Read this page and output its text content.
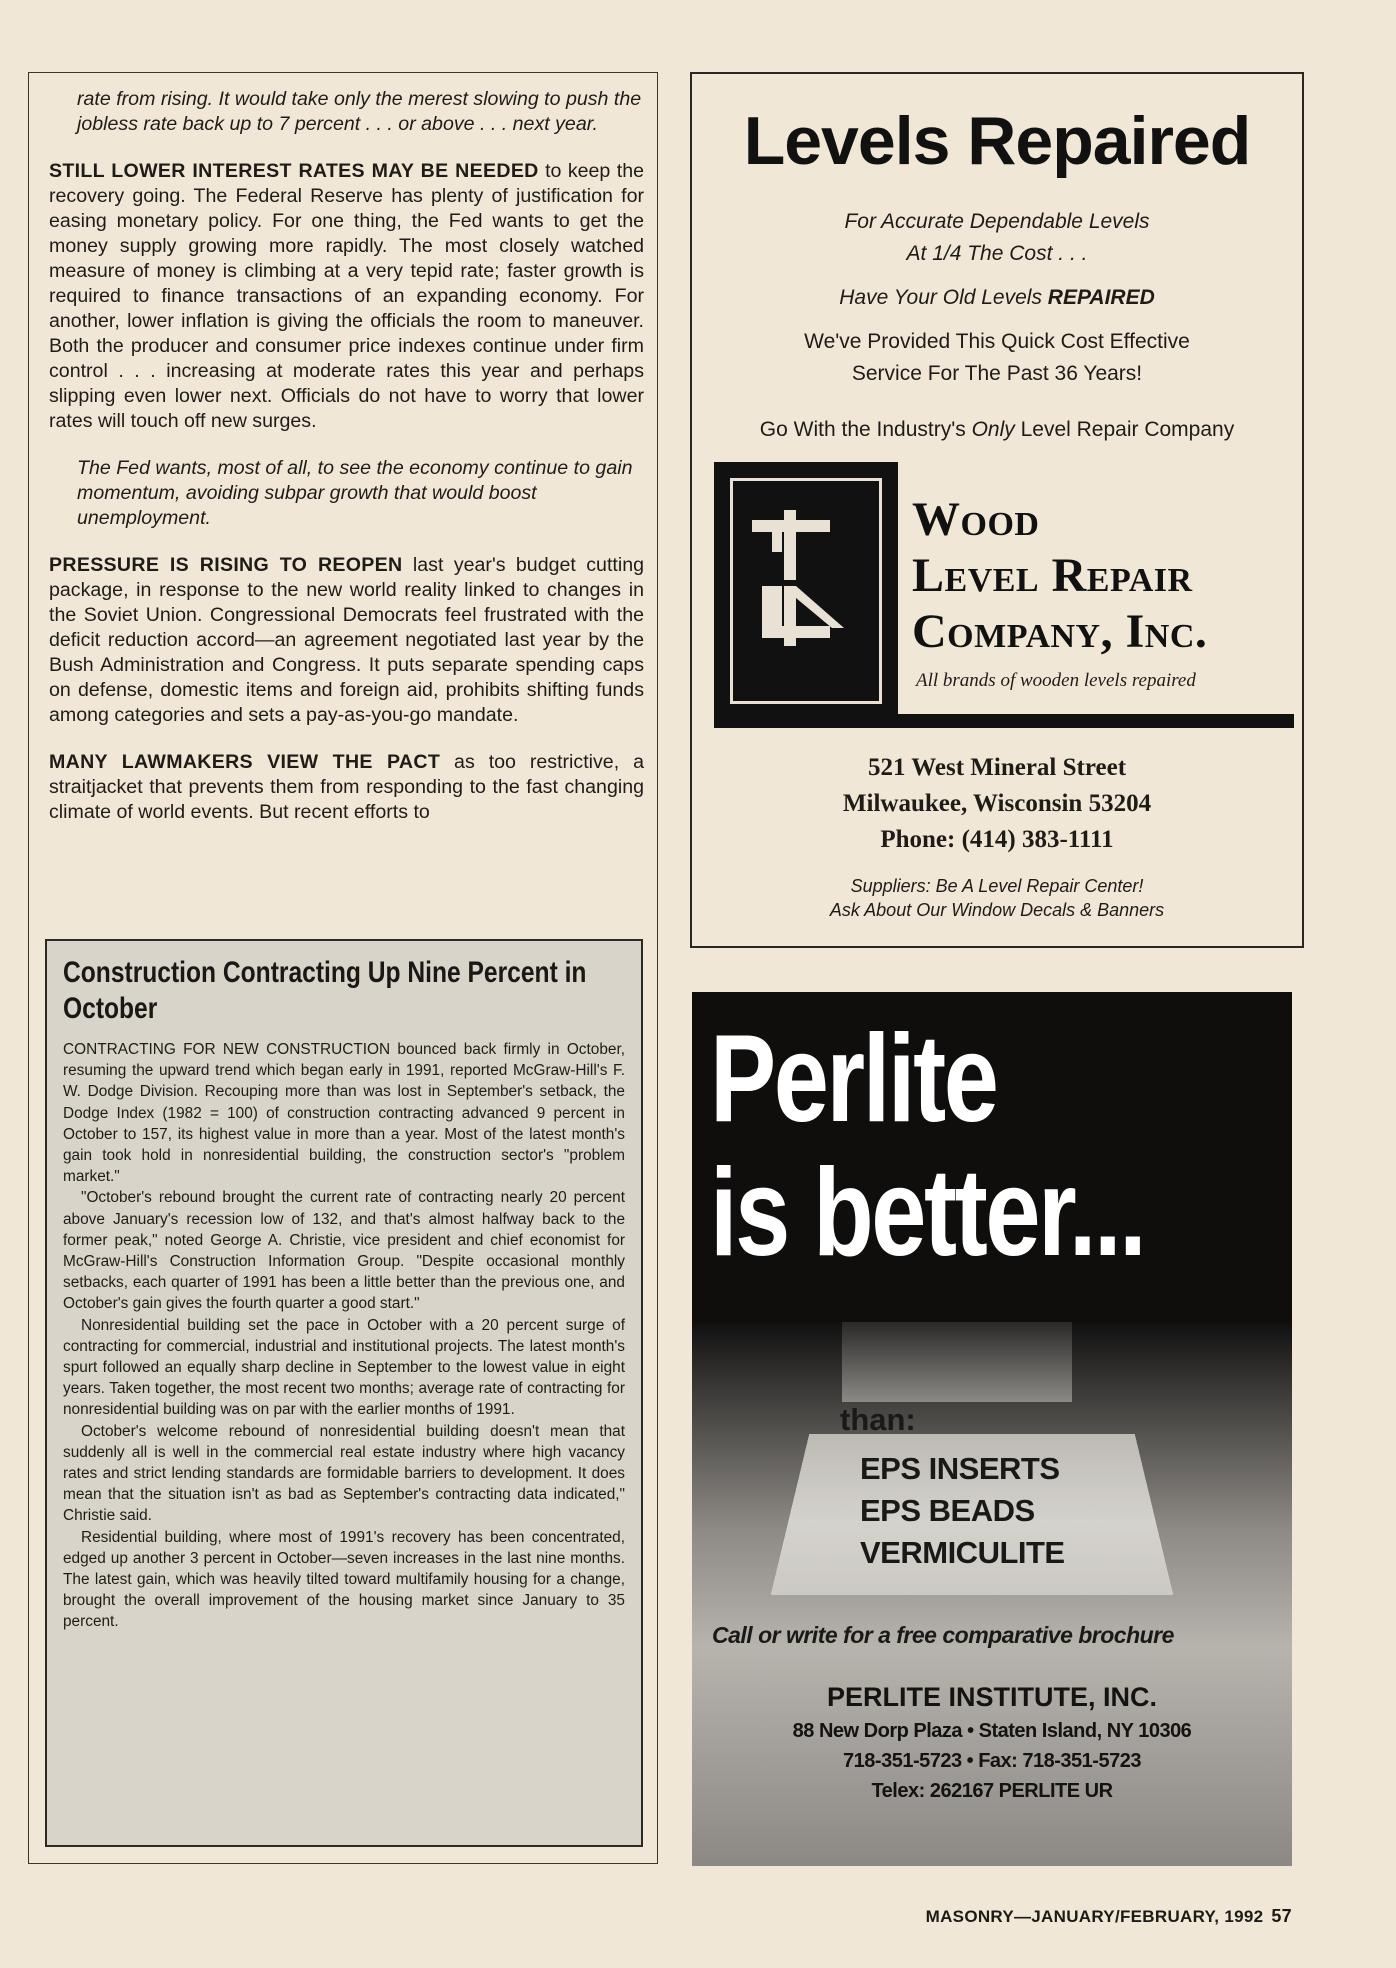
rate from rising. It would take only the merest slowing to push the jobless rate back up to 7 percent . . . or above . . . next year.

STILL LOWER INTEREST RATES MAY BE NEEDED to keep the recovery going. The Federal Reserve has plenty of justification for easing monetary policy. For one thing, the Fed wants to get the money supply growing more rapidly. The most closely watched measure of money is climbing at a very tepid rate; faster growth is required to finance transactions of an expanding economy. For another, lower inflation is giving the officials the room to maneuver. Both the producer and consumer price indexes continue under firm control . . . increasing at moderate rates this year and perhaps slipping even lower next. Officials do not have to worry that lower rates will touch off new surges.

The Fed wants, most of all, to see the economy continue to gain momentum, avoiding subpar growth that would boost unemployment.

PRESSURE IS RISING TO REOPEN last year's budget cutting package, in response to the new world reality linked to changes in the Soviet Union. Congressional Democrats feel frustrated with the deficit reduction accord—an agreement negotiated last year by the Bush Administration and Congress. It puts separate spending caps on defense, domestic items and foreign aid, prohibits shifting funds among categories and sets a pay-as-you-go mandate.

MANY LAWMAKERS VIEW THE PACT as too restrictive, a straitjacket that prevents them from responding to the fast changing climate of world events. But recent efforts to

Construction Contracting Up Nine Percent in October

CONTRACTING FOR NEW CONSTRUCTION bounced back firmly in October, resuming the upward trend which began early in 1991, reported McGraw-Hill's F. W. Dodge Division. Recouping more than was lost in September's setback, the Dodge Index (1982 = 100) of construction contracting advanced 9 percent in October to 157, its highest value in more than a year. Most of the latest month's gain took hold in nonresidential building, the construction sector's "problem market."

"October's rebound brought the current rate of contracting nearly 20 percent above January's recession low of 132, and that's almost halfway back to the former peak," noted George A. Christie, vice president and chief economist for McGraw-Hill's Construction Information Group. "Despite occasional monthly setbacks, each quarter of 1991 has been a little better than the previous one, and October's gain gives the fourth quarter a good start."

Nonresidential building set the pace in October with a 20 percent surge of contracting for commercial, industrial and institutional projects. The latest month's spurt followed an equally sharp decline in September to the lowest value in eight years. Taken together, the most recent two months; average rate of contracting for nonresidential building was on par with the earlier months of 1991.

October's welcome rebound of nonresidential building doesn't mean that suddenly all is well in the commercial real estate industry where high vacancy rates and strict lending standards are formidable barriers to development. It does mean that the situation isn't as bad as September's contracting data indicated," Christie said.

Residential building, where most of 1991's recovery has been concentrated, edged up another 3 percent in October—seven increases in the last nine months. The latest gain, which was heavily tilted toward multifamily housing for a change, brought the overall improvement of the housing market since January to 35 percent.

Levels Repaired
For Accurate Dependable Levels
At 1/4 The Cost . . .
Have Your Old Levels REPAIRED
We've Provided This Quick Cost Effective
Service For The Past 36 Years!
Go With the Industry's Only Level Repair Company
Wood
Level Repair
Company, Inc.
All brands of wooden levels repaired
521 West Mineral Street
Milwaukee, Wisconsin 53204
Phone: (414) 383-1111
Suppliers: Be A Level Repair Center!
Ask About Our Window Decals & Banners
Perlite
is better...
than:
EPS INSERTS
EPS BEADS
VERMICULITE
Call or write for a free comparative brochure
PERLITE INSTITUTE, INC.
88 New Dorp Plaza • Staten Island, NY 10306
718-351-5723 • Fax: 718-351-5723
Telex: 262167 PERLITE UR
MASONRY—JANUARY/FEBRUARY, 1992 57
